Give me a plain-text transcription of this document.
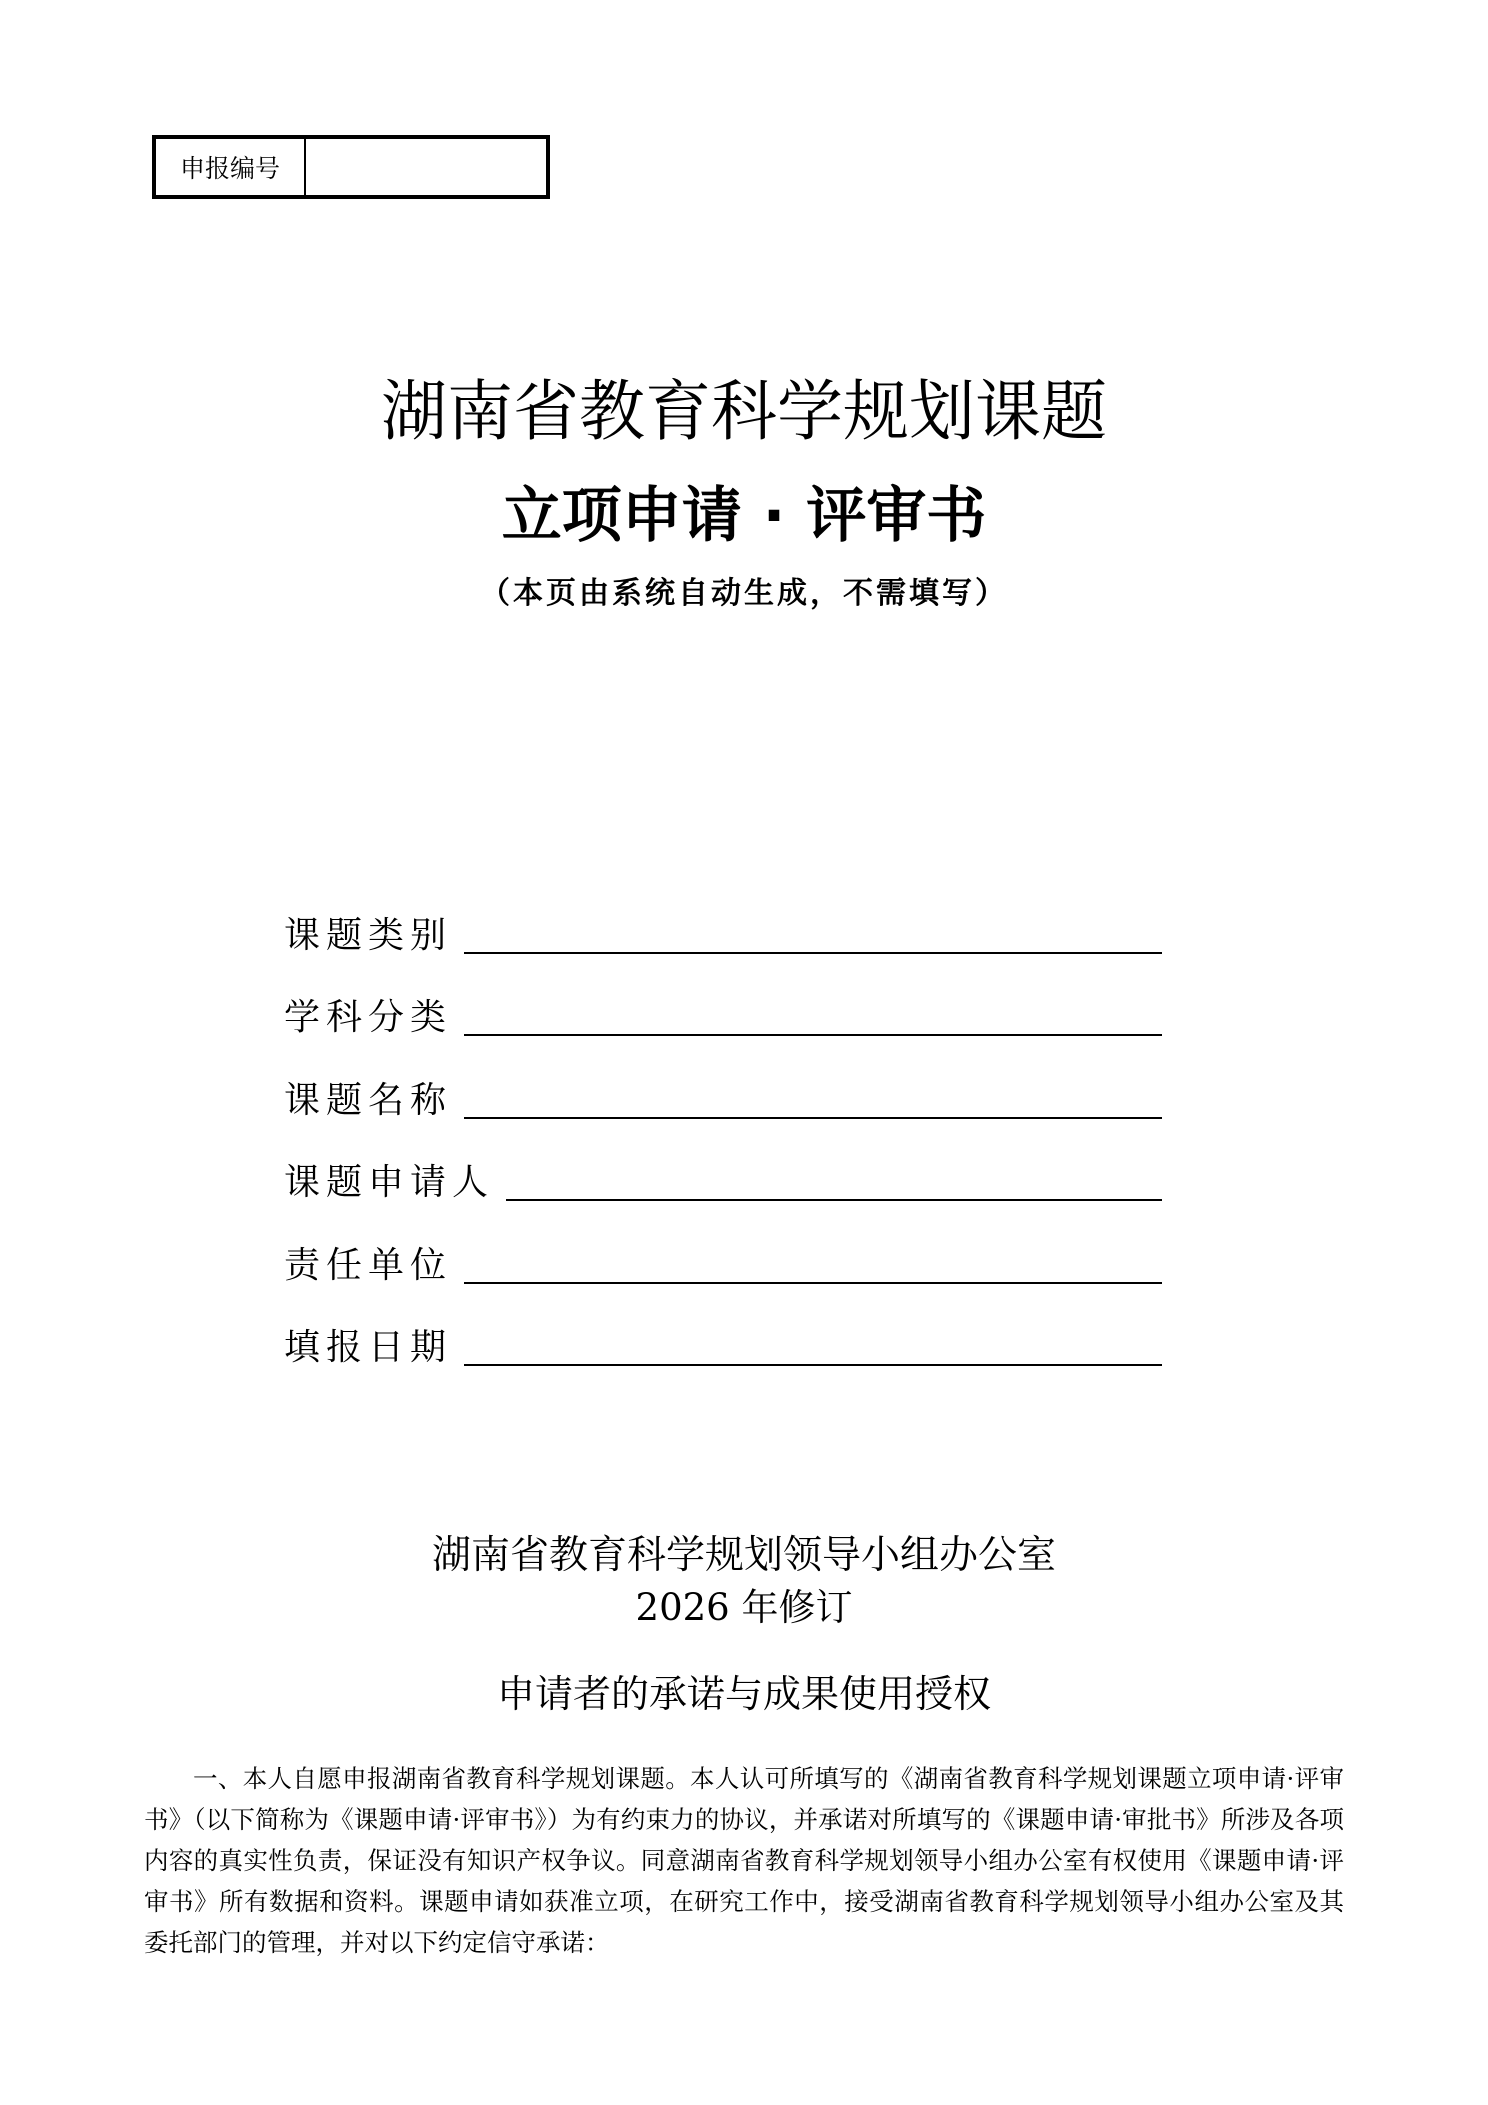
申报编号
湖南省教育科学规划课题
立项申请 · 评审书
（本页由系统自动生成，不需填写）
课题类别
学科分类
课题名称
课题申请人
责任单位
填报日期
湖南省教育科学规划领导小组办公室
2026 年修订
申请者的承诺与成果使用授权

一、本人自愿申报湖南省教育科学规划课题。本人认可所填写的《湖南省教育科学规划课题立项申请·评审书》（以下简称为《课题申请·评审书》）为有约束力的协议，并承诺对所填写的《课题申请·审批书》所涉及各项内容的真实性负责，保证没有知识产权争议。同意湖南省教育科学规划领导小组办公室有权使用《课题申请·评审书》所有数据和资料。课题申请如获准立项，在研究工作中，接受湖南省教育科学规划领导小组办公室及其委托部门的管理，并对以下约定信守承诺：
